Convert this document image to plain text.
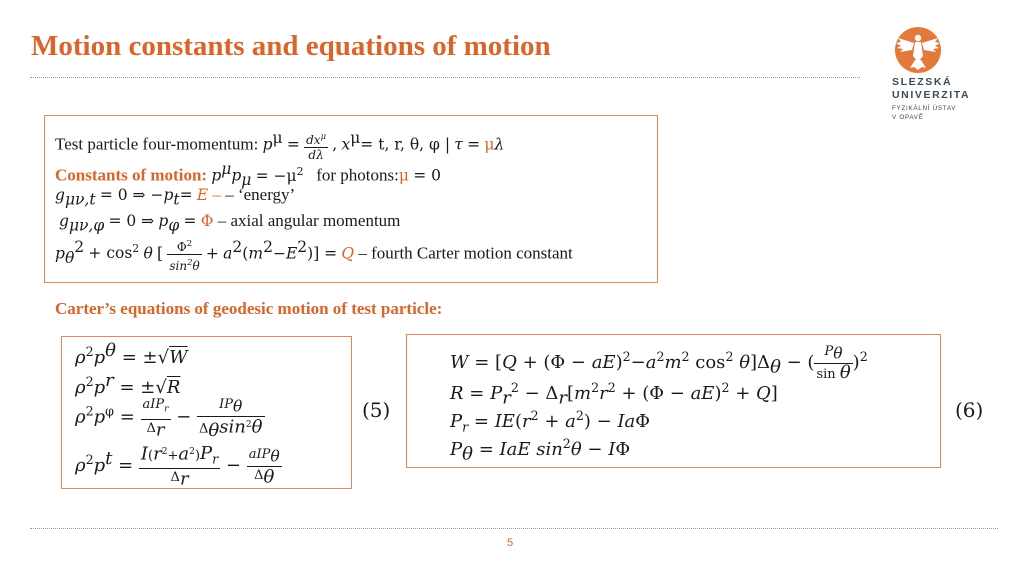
Motion constants and equations of motion
SLEZSKÁ
UNIVERZITA
FYZIKÁLNÍ ÚSTAV
V OPAVĚ
Test particle four-momentum: $p^\mu = \frac{dx^\mu}{d\lambda}$ , $x^\mu= t$, r, θ, φ | τ = μλ
Constants of motion: $p^\mu p_\mu = -\mu^2$ for photons:μ = 0
$g_{\mu\nu,t} = 0$ ⇒ $-p_t= E$ – – ‘energy’
$g_{\mu\nu,\varphi} = 0$ ⇒ $p_\varphi = \Phi$ – axial angular momentum
$p_\theta^2 + \cos^2 \theta$ [ $\frac{\Phi^2}{\sin^2\theta} + a^2(m^2-E^2)] = Q$ – fourth Carter motion constant
Carter’s equations of geodesic motion of test particle:
$\rho^2p^\theta = \pm√W$
$\rho^2p^r = \pm√R$
$\rho^2p^\varphi = \frac{aIP_r}{\Delta_r} - \frac{IP_\theta}{\Delta_\theta\sin^2\theta}$
$\rho^2p^t = \frac{I(r^2+a^2)P_r}{\Delta_r} - \frac{aIP_\theta}{\Delta_\theta}$
(5)
$W = [Q + (\Phi - aE)^2-a^2m^2$ $\cos^2 \theta]\Delta_\theta$ − ( $\frac{P_\theta}{\text{sin θ}} )^2$
$R = P_r^2 - \Delta_r[m^2r^2 + (\Phi - aE)^2 + Q]$
$P_r = IE(r^2 + a^2) - Ia\Phi$
$P_\theta$ = IaE $\sin^2\theta - I\Phi$
(6)
5
